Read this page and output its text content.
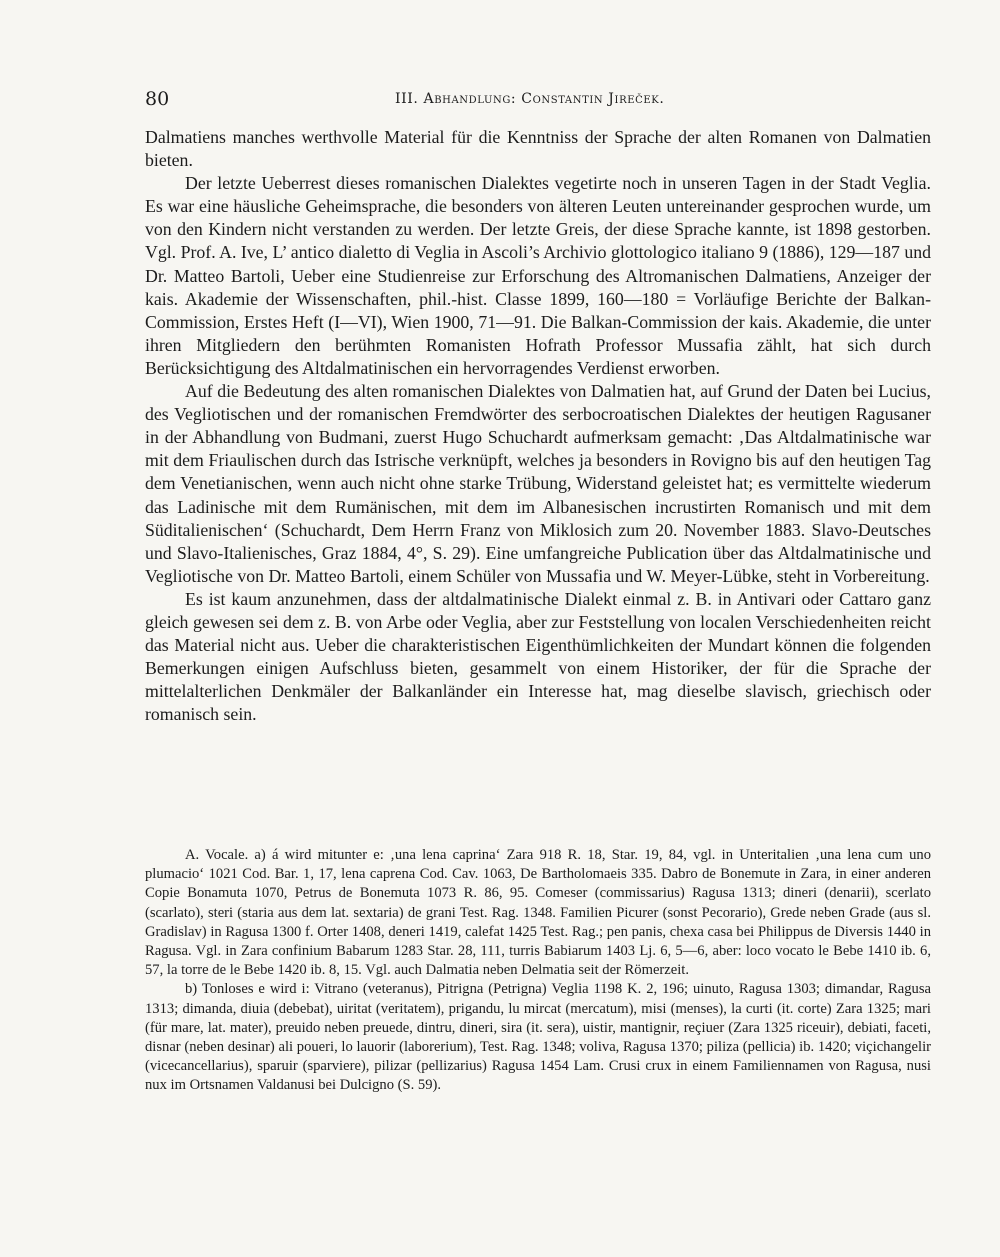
80	III. Abhandlung: Constantin Jireček.

Dalmatiens manches werthvolle Material für die Kenntniss der Sprache der alten Romanen von Dalmatien bieten.

Der letzte Ueberrest dieses romanischen Dialektes vegetirte noch in unseren Tagen in der Stadt Veglia. Es war eine häusliche Geheimsprache, die besonders von älteren Leuten untereinander gesprochen wurde, um von den Kindern nicht verstanden zu werden. Der letzte Greis, der diese Sprache kannte, ist 1898 gestorben. Vgl. Prof. A. Ive, L’ antico dialetto di Veglia in Ascoli’s Archivio glottologico italiano 9 (1886), 129—187 und Dr. Matteo Bartoli, Ueber eine Studienreise zur Erforschung des Altromanischen Dalmatiens, Anzeiger der kais. Akademie der Wissenschaften, phil.-hist. Classe 1899, 160—180 = Vorläufige Berichte der Balkan-Commission, Erstes Heft (I—VI), Wien 1900, 71—91. Die Balkan-Commission der kais. Akademie, die unter ihren Mitgliedern den berühmten Romanisten Hofrath Professor Mussafia zählt, hat sich durch Berücksichtigung des Altdalmatinischen ein hervorragendes Verdienst erworben.

Auf die Bedeutung des alten romanischen Dialektes von Dalmatien hat, auf Grund der Daten bei Lucius, des Vegliotischen und der romanischen Fremdwörter des serbocroatischen Dialektes der heutigen Ragusaner in der Abhandlung von Budmani, zuerst Hugo Schuchardt aufmerksam gemacht: ‚Das Altdalmatinische war mit dem Friaulischen durch das Istrische verknüpft, welches ja besonders in Rovigno bis auf den heutigen Tag dem Venetianischen, wenn auch nicht ohne starke Trübung, Widerstand geleistet hat; es vermittelte wiederum das Ladinische mit dem Rumänischen, mit dem im Albanesischen incrustirten Romanisch und mit dem Süditalienischen‘ (Schuchardt, Dem Herrn Franz von Miklosich zum 20. November 1883. Slavo-Deutsches und Slavo-Italienisches, Graz 1884, 4°, S. 29). Eine umfangreiche Publication über das Altdalmatinische und Vegliotische von Dr. Matteo Bartoli, einem Schüler von Mussafia und W. Meyer-Lübke, steht in Vorbereitung.

Es ist kaum anzunehmen, dass der altdalmatinische Dialekt einmal z. B. in Antivari oder Cattaro ganz gleich gewesen sei dem z. B. von Arbe oder Veglia, aber zur Feststellung von localen Verschiedenheiten reicht das Material nicht aus. Ueber die charakteristischen Eigenthümlichkeiten der Mundart können die folgenden Bemerkungen einigen Aufschluss bieten, gesammelt von einem Historiker, der für die Sprache der mittelalterlichen Denkmäler der Balkanländer ein Interesse hat, mag dieselbe slavisch, griechisch oder romanisch sein.

A. Vocale. a) á wird mitunter e: ‚una lena caprina‘ Zara 918 R. 18, Star. 19, 84, vgl. in Unteritalien ‚una lena cum uno plumacio‘ 1021 Cod. Bar. 1, 17, lena caprena Cod. Cav. 1063, De Bartholomaeis 335. Dabro de Bonemute in Zara, in einer anderen Copie Bonamuta 1070, Petrus de Bonemuta 1073 R. 86, 95. Comeser (commissarius) Ragusa 1313; dineri (denarii), scerlato (scarlato), steri (staria aus dem lat. sextaria) de grani Test. Rag. 1348. Familien Picurer (sonst Pecorario), Grede neben Grade (aus sl. Gradislav) in Ragusa 1300 f. Orter 1408, deneri 1419, calefat 1425 Test. Rag.; pen panis, chexa casa bei Philippus de Diversis 1440 in Ragusa. Vgl. in Zara confinium Babarum 1283 Star. 28, 111, turris Babiarum 1403 Lj. 6, 5—6, aber: loco vocato le Bebe 1410 ib. 6, 57, la torre de le Bebe 1420 ib. 8, 15. Vgl. auch Dalmatia neben Delmatia seit der Römerzeit.

b) Tonloses e wird i: Vitrano (veteranus), Pitrigna (Petrigna) Veglia 1198 K. 2, 196; uinuto, Ragusa 1303; dimandar, Ragusa 1313; dimanda, diuia (debebat), uiritat (veritatem), prigandu, lu mircat (mercatum), misi (menses), la curti (it. corte) Zara 1325; mari (für mare, lat. mater), preuido neben preuede, dintru, dineri, sira (it. sera), uistir, mantignir, reçiuer (Zara 1325 riceuir), debiati, faceti, disnar (neben desinar) ali poueri, lo lauorir (laborerium), Test. Rag. 1348; voliva, Ragusa 1370; piliza (pellicia) ib. 1420; viçichangelir (vicecancellarius), sparuir (sparviere), pilizar (pellizarius) Ragusa 1454 Lam. Crusi crux in einem Familiennamen von Ragusa, nusi nux im Ortsnamen Valdanusi bei Dulcigno (S. 59).
